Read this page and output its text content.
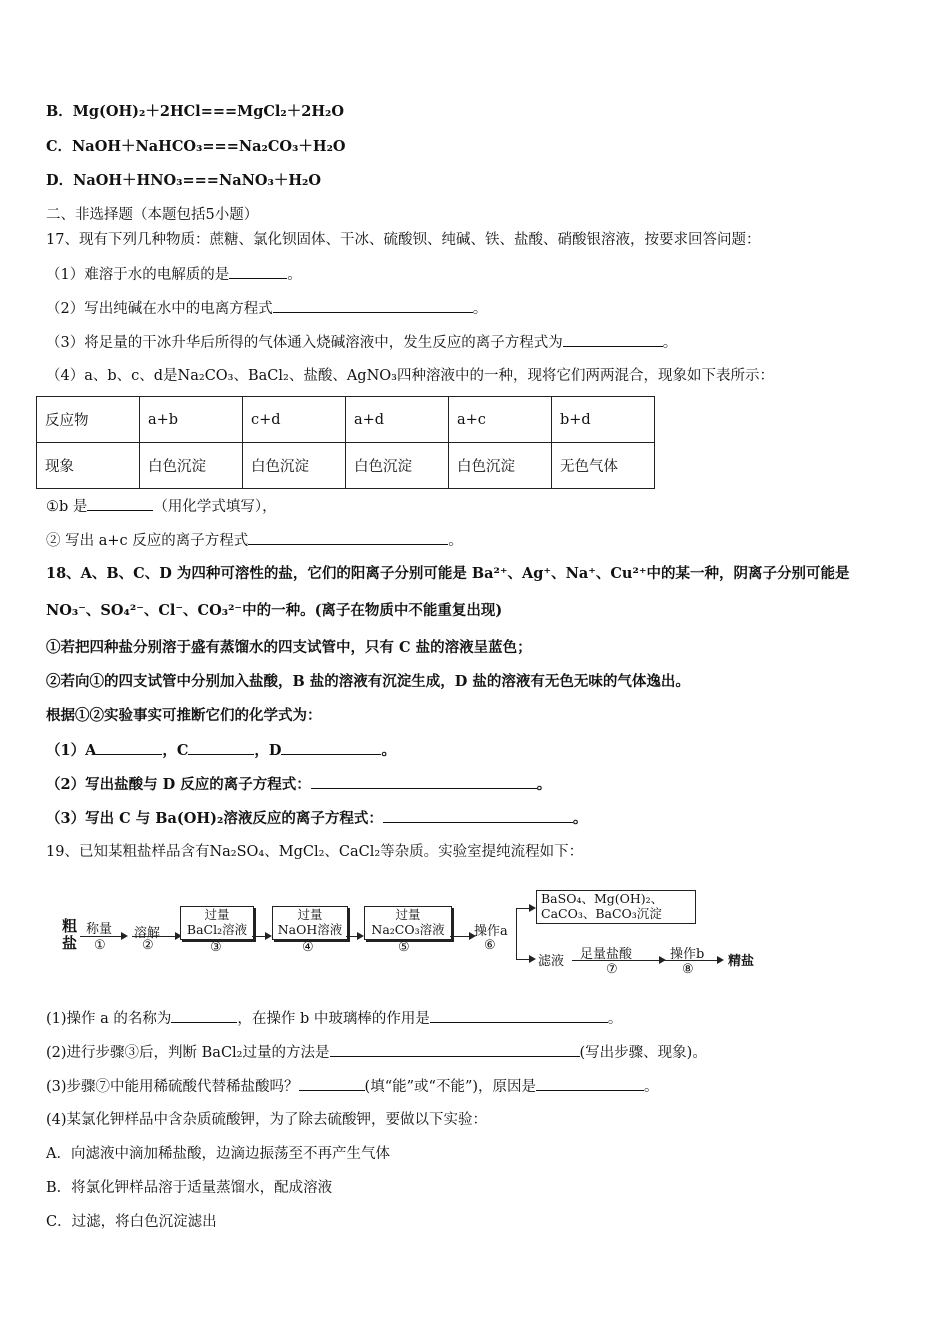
B．Mg(OH)₂＋2HCl===MgCl₂＋2H₂O
C．NaOH＋NaHCO₃===Na₂CO₃＋H₂O
D．NaOH＋HNO₃===NaNO₃＋H₂O
二、非选择题（本题包括5小题）
17、现有下列几种物质：蔗糖、氯化钡固体、干冰、硫酸钡、纯碱、铁、盐酸、硝酸银溶液，按要求回答问题：
（1）难溶于水的电解质的是	。
（2）写出纯碱在水中的电离方程式	。
（3）将足量的干冰升华后所得的气体通入烧碱溶液中，发生反应的离子方程式为	。
（4）a、b、c、d是Na₂CO₃、BaCl₂、盐酸、AgNO₃四种溶液中的一种，现将它们两两混合，现象如下表所示：
反应物	a+b	c+d	a+d	a+c	b+d
现象	白色沉淀	白色沉淀	白色沉淀	白色沉淀	无色气体
①b 是	（用化学式填写），
② 写出 a+c 反应的离子方程式	。
18、A、B、C、D 为四种可溶性的盐，它们的阳离子分别可能是 Ba²⁺、Ag⁺、Na⁺、Cu²⁺中的某一种，阴离子分别可能是
NO₃⁻、SO₄²⁻、Cl⁻、CO₃²⁻中的一种。(离子在物质中不能重复出现)
①若把四种盐分别溶于盛有蒸馏水的四支试管中，只有 C 盐的溶液呈蓝色；
②若向①的四支试管中分别加入盐酸，B 盐的溶液有沉淀生成，D 盐的溶液有无色无味的气体逸出。
根据①②实验事实可推断它们的化学式为：
（1）A	，C	，D	。
（2）写出盐酸与 D 反应的离子方程式：	。
（3）写出 C 与 Ba(OH)₂溶液反应的离子方程式：	。
19、已知某粗盐样品含有Na₂SO₄、MgCl₂、CaCl₂等杂质。实验室提纯流程如下：
粗盐
称量
①
溶解
②
过量
BaCl₂溶液
③
过量
NaOH溶液
④
过量
Na₂CO₃溶液
⑤
操作a
⑥
BaSO₄、Mg(OH)₂、
CaCO₃、BaCO₃沉淀
滤液 足量盐酸
⑦
操作b
⑧
精盐
(1)操作 a 的名称为	，在操作 b 中玻璃棒的作用是	。
(2)进行步骤③后，判断 BaCl₂过量的方法是	(写出步骤、现象)。
(3)步骤⑦中能用稀硫酸代替稀盐酸吗？	(填“能”或“不能”)，原因是	。
(4)某氯化钾样品中含杂质硫酸钾，为了除去硫酸钾，要做以下实验：
A．向滤液中滴加稀盐酸，边滴边振荡至不再产生气体
B．将氯化钾样品溶于适量蒸馏水，配成溶液
C．过滤，将白色沉淀滤出
